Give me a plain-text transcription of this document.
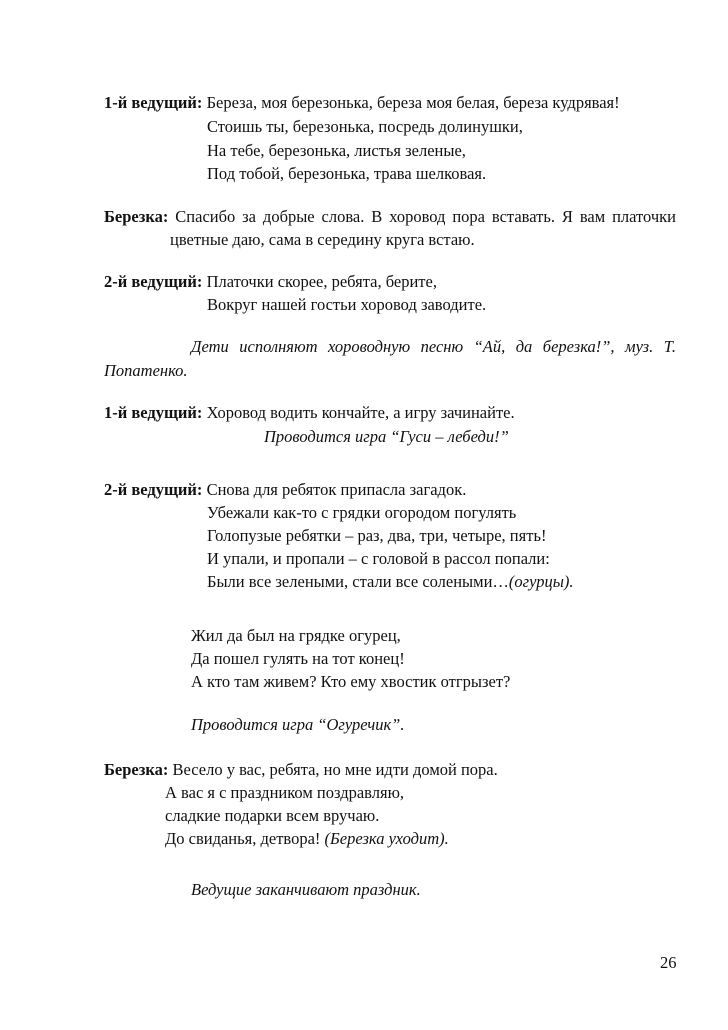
1-й ведущий: Береза, моя березонька, береза моя белая, береза кудрявая!
Стоишь ты, березонька, посредь долинушки,
На тебе, березонька, листья зеленые,
Под тобой, березонька, трава шелковая.
Березка: Спасибо за добрые слова. В хоровод пора вставать. Я вам платочки
цветные даю, сама в середину круга встаю.
2-й ведущий: Платочки скорее, ребята, берите,
Вокруг нашей гостьи хоровод заводите.
Дети исполняют хороводную песню “Ай, да березка!”, муз. Т.
Попатенко.
1-й ведущий: Хоровод водить кончайте, а игру зачинайте.
Проводится игра “Гуси – лебеди!”
2-й ведущий: Снова для ребяток припасла загадок.
Убежали как-то с грядки огородом погулять
Голопузые ребятки – раз, два, три, четыре, пять!
И упали, и пропали – с головой в рассол попали:
Были все зелеными, стали все солеными…(огурцы).
Жил да был на грядке огурец,
Да пошел гулять на тот конец!
А кто там живем? Кто ему хвостик отгрызет?
Проводится игра “Огуречик”.
Березка: Весело у вас, ребята, но мне идти домой пора.
А вас я с праздником поздравляю,
сладкие подарки всем вручаю.
До свиданья, детвора! (Березка уходит).
Ведущие заканчивают праздник.
26
